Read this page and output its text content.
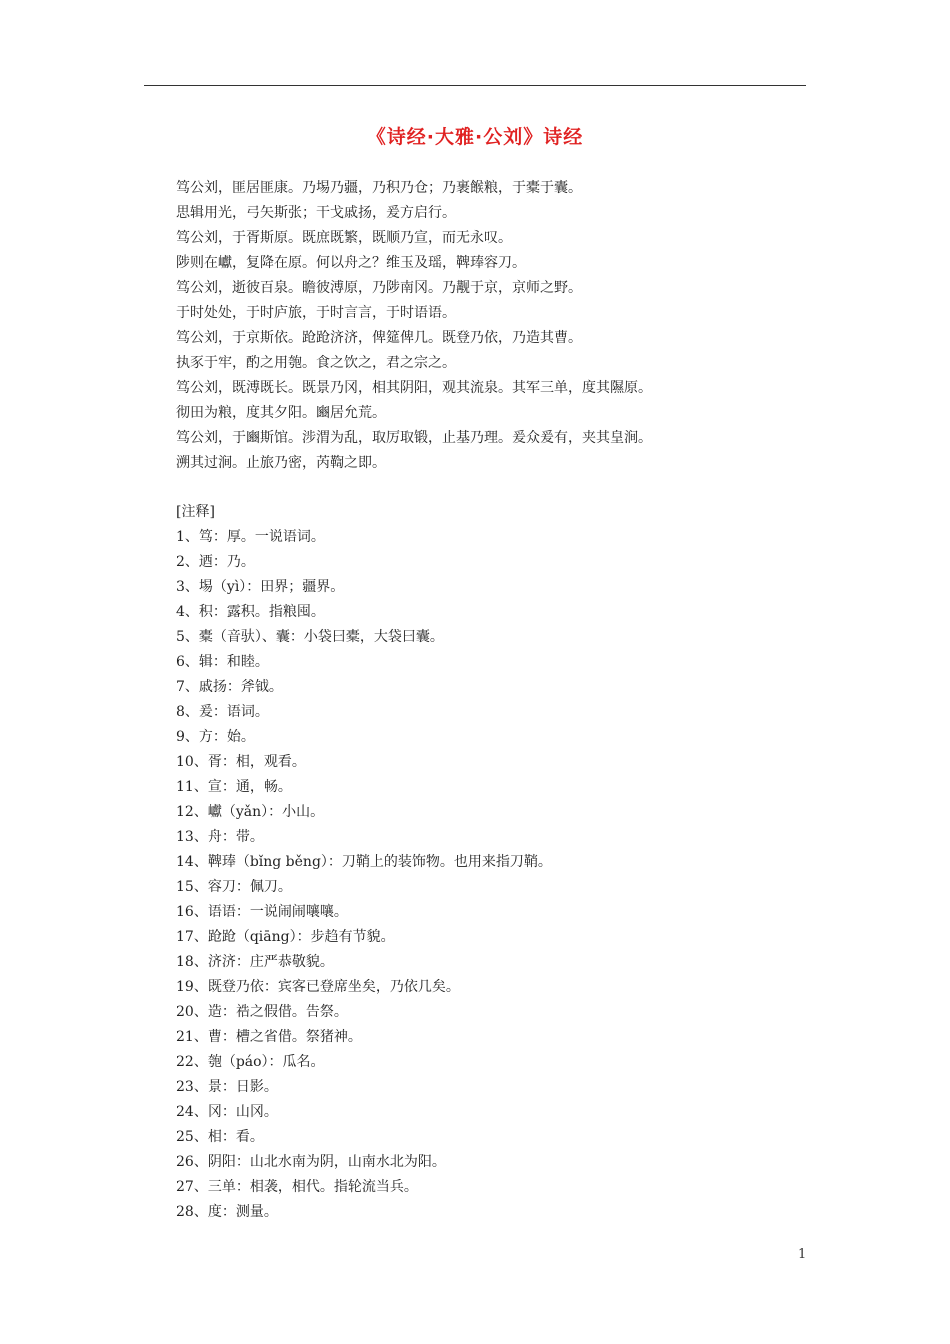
《诗经·大雅·公刘》诗经
笃公刘，匪居匪康。乃埸乃疆，乃积乃仓；乃裹餱粮，于橐于囊。
思辑用光，弓矢斯张；干戈戚扬，爰方启行。
笃公刘，于胥斯原。既庶既繁，既顺乃宣，而无永叹。
陟则在巘，复降在原。何以舟之？维玉及瑶，鞞琫容刀。
笃公刘，逝彼百泉。瞻彼溥原，乃陟南冈。乃觏于京，京师之野。
于时处处，于时庐旅，于时言言，于时语语。
笃公刘，于京斯依。跄跄济济，俾筵俾几。既登乃依，乃造其曹。
执豕于牢，酌之用匏。食之饮之，君之宗之。
笃公刘，既溥既长。既景乃冈，相其阴阳，观其流泉。其军三单，度其隰原。
彻田为粮，度其夕阳。豳居允荒。
笃公刘，于豳斯馆。涉渭为乱，取厉取锻，止基乃理。爰众爰有，夹其皇涧。
溯其过涧。止旅乃密，芮鞫之即。
[注释]
1、笃：厚。一说语词。
2、迺：乃。
3、埸（yì）：田界；疆界。
4、积：露积。指粮囤。
5、橐（音驮）、囊：小袋曰橐，大袋曰囊。
6、辑：和睦。
7、戚扬：斧钺。
8、爰：语词。
9、方：始。
10、胥：相，观看。
11、宣：通，畅。
12、巘（yǎn）：小山。
13、舟：带。
14、鞞琫（bǐng běng）：刀鞘上的装饰物。也用来指刀鞘。
15、容刀：佩刀。
16、语语：一说闹闹嚷嚷。
17、跄跄（qiāng）：步趋有节貌。
18、济济：庄严恭敬貌。
19、既登乃依：宾客已登席坐矣，乃依几矣。
20、造：祰之假借。告祭。
21、曹：槽之省借。祭猪神。
22、匏（páo）：瓜名。
23、景：日影。
24、冈：山冈。
25、相：看。
26、阴阳：山北水南为阴，山南水北为阳。
27、三单：相袭，相代。指轮流当兵。
28、度：测量。
1
